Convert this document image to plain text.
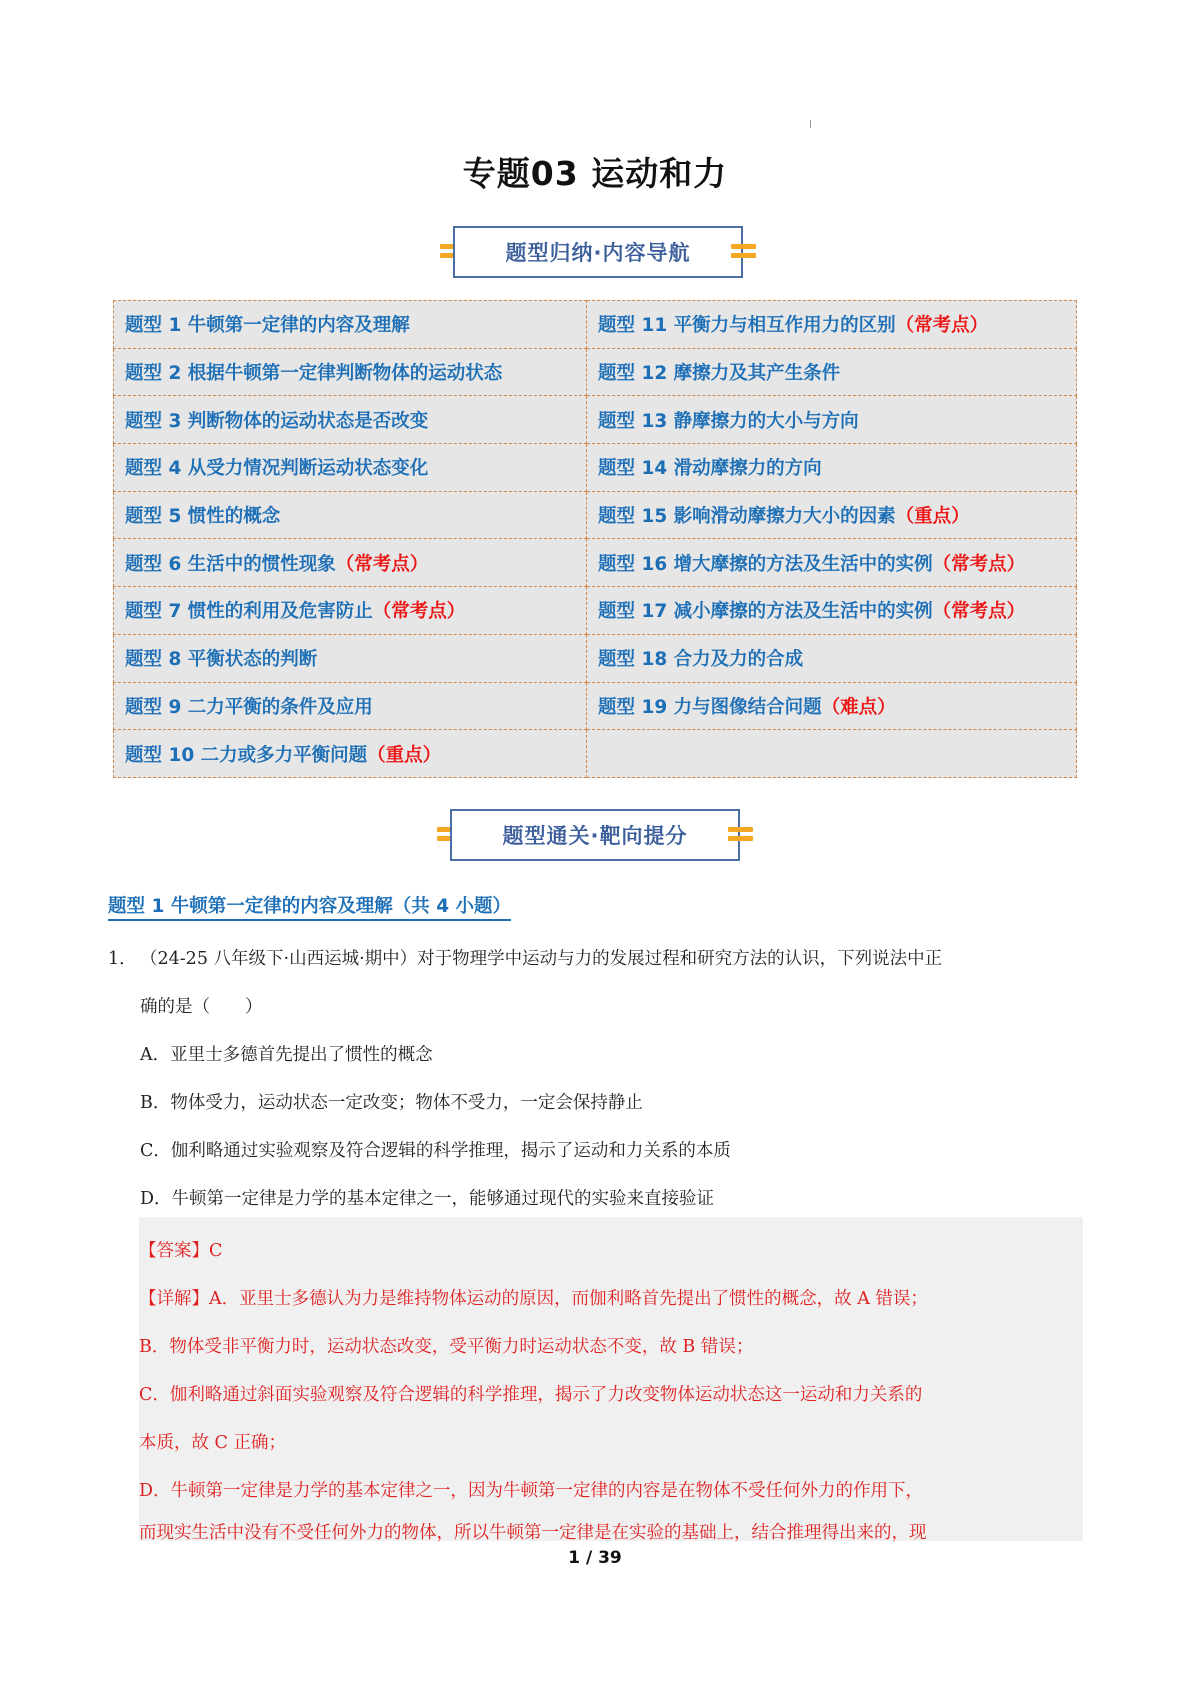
专题03 运动和力
题型归纳·内容导航
题型 1 牛顿第一定律的内容及理解	题型 11 平衡力与相互作用力的区别（常考点）
题型 2 根据牛顿第一定律判断物体的运动状态	题型 12 摩擦力及其产生条件
题型 3 判断物体的运动状态是否改变	题型 13 静摩擦力的大小与方向
题型 4 从受力情况判断运动状态变化	题型 14 滑动摩擦力的方向
题型 5 惯性的概念	题型 15 影响滑动摩擦力大小的因素（重点）
题型 6 生活中的惯性现象（常考点）	题型 16 增大摩擦的方法及生活中的实例（常考点）
题型 7 惯性的利用及危害防止（常考点）	题型 17 减小摩擦的方法及生活中的实例（常考点）
题型 8 平衡状态的判断	题型 18 合力及力的合成
题型 9 二力平衡的条件及应用	题型 19 力与图像结合问题（难点）
题型 10 二力或多力平衡问题（重点）	
题型通关·靶向提分
题型 1 牛顿第一定律的内容及理解（共 4 小题）
1． （24-25 八年级下·山西运城·期中）对于物理学中运动与力的发展过程和研究方法的认识，下列说法中正
确的是（　　）
A．亚里士多德首先提出了惯性的概念
B．物体受力，运动状态一定改变；物体不受力，一定会保持静止
C．伽利略通过实验观察及符合逻辑的科学推理，揭示了运动和力关系的本质
D．牛顿第一定律是力学的基本定律之一，能够通过现代的实验来直接验证
【答案】C
【详解】A．亚里士多德认为力是维持物体运动的原因，而伽利略首先提出了惯性的概念，故 A 错误；
B．物体受非平衡力时，运动状态改变，受平衡力时运动状态不变，故 B 错误；
C．伽利略通过斜面实验观察及符合逻辑的科学推理，揭示了力改变物体运动状态这一运动和力关系的
本质，故 C 正确；
D．牛顿第一定律是力学的基本定律之一，因为牛顿第一定律的内容是在物体不受任何外力的作用下，
而现实生活中没有不受任何外力的物体，所以牛顿第一定律是在实验的基础上，结合推理得出来的，现
1 / 39
